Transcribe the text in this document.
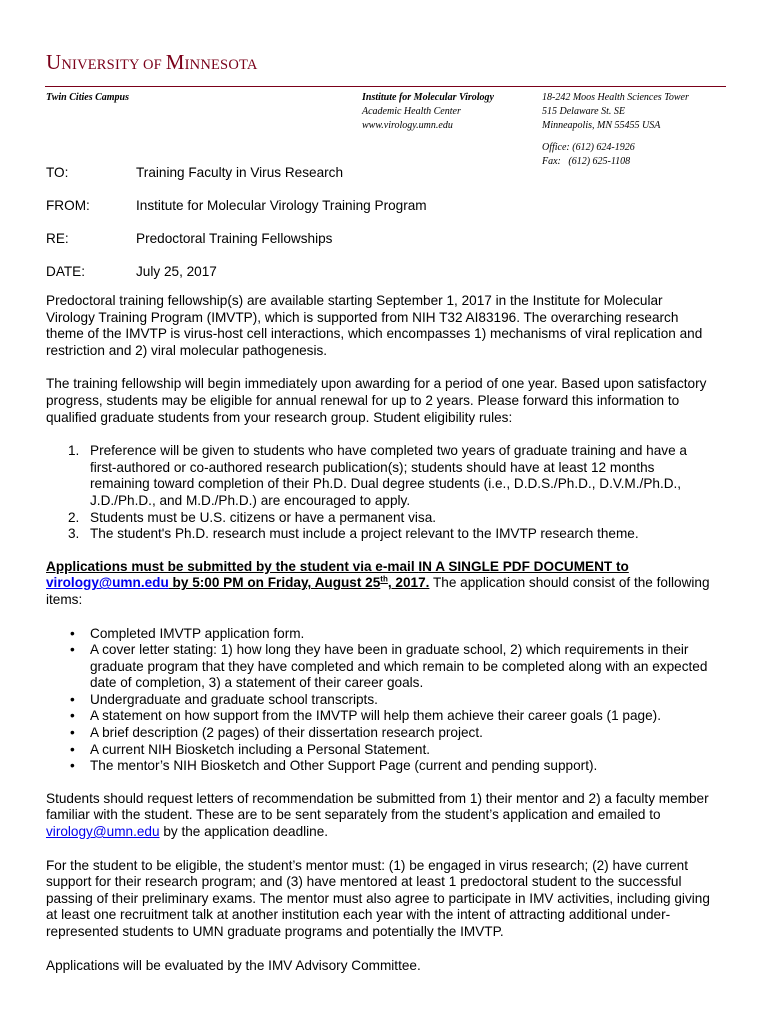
UNIVERSITY OF MINNESOTA
Twin Cities Campus	Institute for Molecular Virology
Academic Health Center
www.virology.umn.edu
18-242 Moos Health Sciences Tower
515 Delaware St. SE
Minneapolis, MN 55455 USA
Office: (612) 624-1926
Fax:   (612) 625-1108
TO:	Training Faculty in Virus Research
FROM:	Institute for Molecular Virology Training Program
RE:	Predoctoral Training Fellowships
DATE:	July 25, 2017

Predoctoral training fellowship(s) are available starting September 1, 2017 in the Institute for Molecular
Virology Training Program (IMVTP), which is supported from NIH T32 AI83196. The overarching research
theme of the IMVTP is virus-host cell interactions, which encompasses 1) mechanisms of viral replication and
restriction and 2) viral molecular pathogenesis.

The training fellowship will begin immediately upon awarding for a period of one year. Based upon satisfactory
progress, students may be eligible for annual renewal for up to 2 years. Please forward this information to
qualified graduate students from your research group. Student eligibility rules:

1. Preference will be given to students who have completed two years of graduate training and have a
first-authored or co-authored research publication(s); students should have at least 12 months
remaining toward completion of their Ph.D. Dual degree students (i.e., D.D.S./Ph.D., D.V.M./Ph.D.,
J.D./Ph.D., and M.D./Ph.D.) are encouraged to apply.
2. Students must be U.S. citizens or have a permanent visa.
3. The student's Ph.D. research must include a project relevant to the IMVTP research theme.

Applications must be submitted by the student via e-mail IN A SINGLE PDF DOCUMENT to
virology@umn.edu by 5:00 PM on Friday, August 25th, 2017. The application should consist of the following
items:

• Completed IMVTP application form.
• A cover letter stating: 1) how long they have been in graduate school, 2) which requirements in their
graduate program that they have completed and which remain to be completed along with an expected
date of completion, 3) a statement of their career goals.
• Undergraduate and graduate school transcripts.
• A statement on how support from the IMVTP will help them achieve their career goals (1 page).
• A brief description (2 pages) of their dissertation research project.
• A current NIH Biosketch including a Personal Statement.
• The mentor’s NIH Biosketch and Other Support Page (current and pending support).

Students should request letters of recommendation be submitted from 1) their mentor and 2) a faculty member
familiar with the student. These are to be sent separately from the student’s application and emailed to
virology@umn.edu by the application deadline.

For the student to be eligible, the student’s mentor must: (1) be engaged in virus research; (2) have current
support for their research program; and (3) have mentored at least 1 predoctoral student to the successful
passing of their preliminary exams. The mentor must also agree to participate in IMV activities, including giving
at least one recruitment talk at another institution each year with the intent of attracting additional under-
represented students to UMN graduate programs and potentially the IMVTP.

Applications will be evaluated by the IMV Advisory Committee.
